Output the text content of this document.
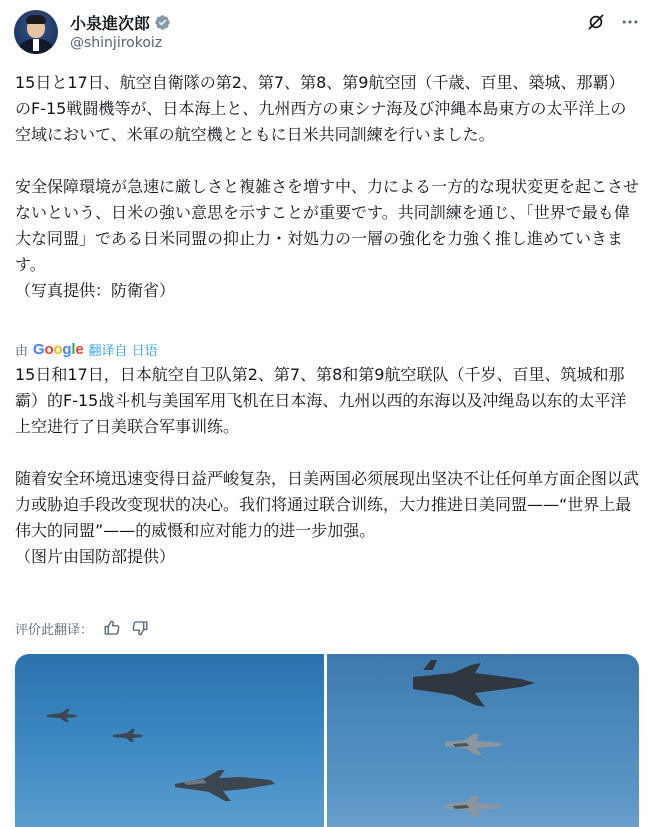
小泉進次郎
@shinjirokoiz
15日と17日、航空自衛隊の第2、第7、第8、第9航空団（千歳、百里、築城、那覇）のF-15戦闘機等が、日本海上と、九州西方の東シナ海及び沖縄本島東方の太平洋上の空域において、米軍の航空機とともに日米共同訓練を行いました。

安全保障環境が急速に厳しさと複雑さを増す中、力による一方的な現状変更を起こさせないという、日米の強い意思を示すことが重要です。共同訓練を通じ、「世界で最も偉大な同盟」である日米同盟の抑止力・対処力の一層の強化を力強く推し進めていきます。
（写真提供：防衛省）
由 Google 翻译自 日语
15日和17日，日本航空自卫队第2、第7、第8和第9航空联队（千岁、百里、筑城和那霸）的F-15战斗机与美国军用飞机在日本海、九州以西的东海以及冲绳岛以东的太平洋上空进行了日美联合军事训练。

随着安全环境迅速变得日益严峻复杂，日美两国必须展现出坚决不让任何单方面企图以武力或胁迫手段改变现状的决心。我们将通过联合训练，大力推进日美同盟——“世界上最伟大的同盟”——的威慑和应对能力的进一步加强。
（图片由国防部提供）
评价此翻译：
